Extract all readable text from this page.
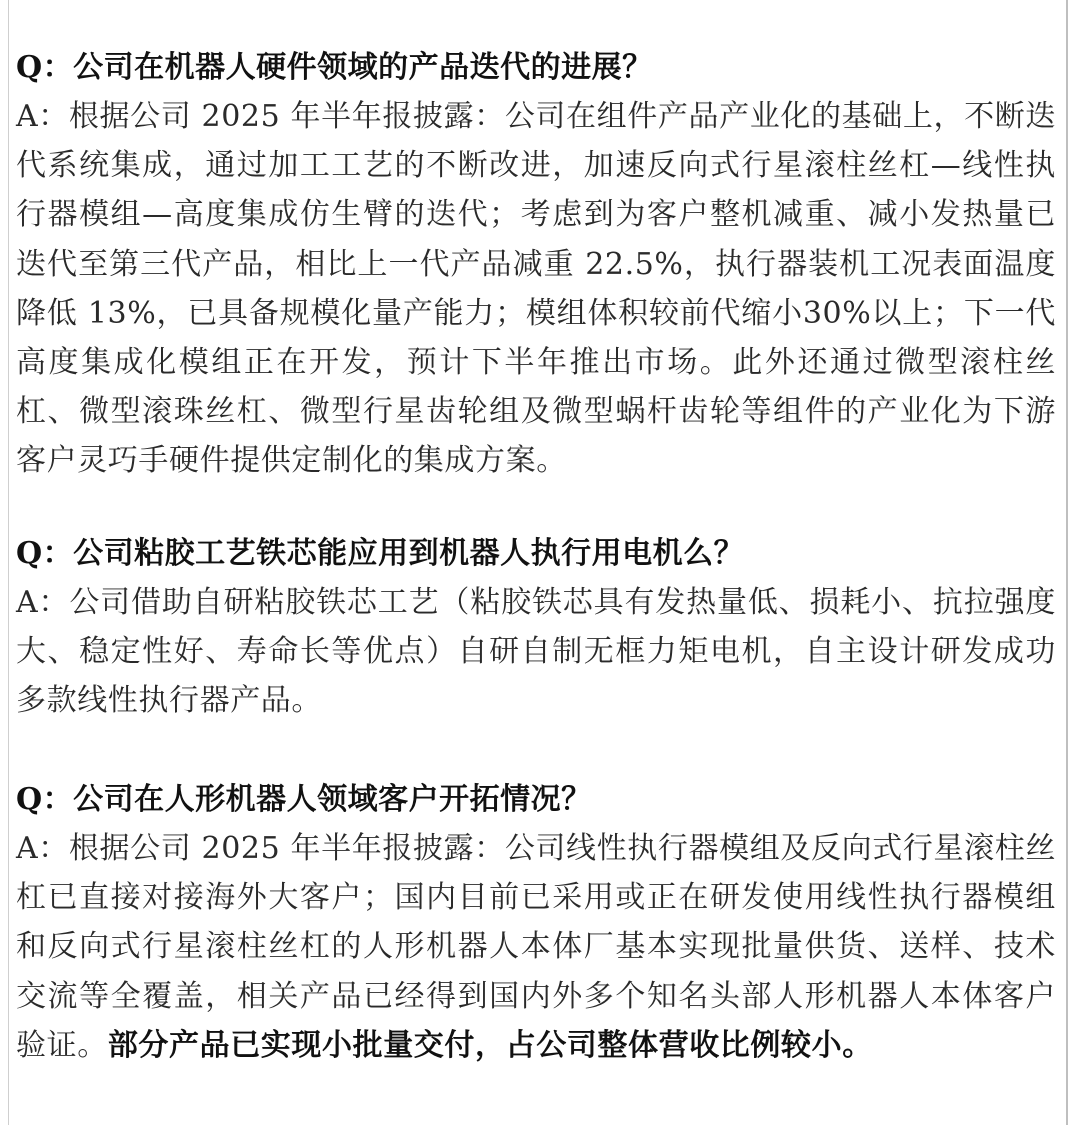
Q：公司在机器人硬件领域的产品迭代的进展？

A：根据公司 2025 年半年报披露：公司在组件产品产业化的基础上，不断迭代系统集成，通过加工工艺的不断改进，加速反向式行星滚柱丝杠—线性执行器模组—高度集成仿生臂的迭代；考虑到为客户整机减重、减小发热量已迭代至第三代产品，相比上一代产品减重 22.5%，执行器装机工况表面温度降低 13%，已具备规模化量产能力；模组体积较前代缩小30%以上；下一代高度集成化模组正在开发，预计下半年推出市场。此外还通过微型滚柱丝杠、微型滚珠丝杠、微型行星齿轮组及微型蜗杆齿轮等组件的产业化为下游客户灵巧手硬件提供定制化的集成方案。

Q：公司粘胶工艺铁芯能应用到机器人执行用电机么？

A：公司借助自研粘胶铁芯工艺（粘胶铁芯具有发热量低、损耗小、抗拉强度大、稳定性好、寿命长等优点）自研自制无框力矩电机，自主设计研发成功多款线性执行器产品。

Q：公司在人形机器人领域客户开拓情况？

A：根据公司 2025 年半年报披露：公司线性执行器模组及反向式行星滚柱丝杠已直接对接海外大客户；国内目前已采用或正在研发使用线性执行器模组和反向式行星滚柱丝杠的人形机器人本体厂基本实现批量供货、送样、技术交流等全覆盖，相关产品已经得到国内外多个知名头部人形机器人本体客户验证。部分产品已实现小批量交付，占公司整体营收比例较小。
